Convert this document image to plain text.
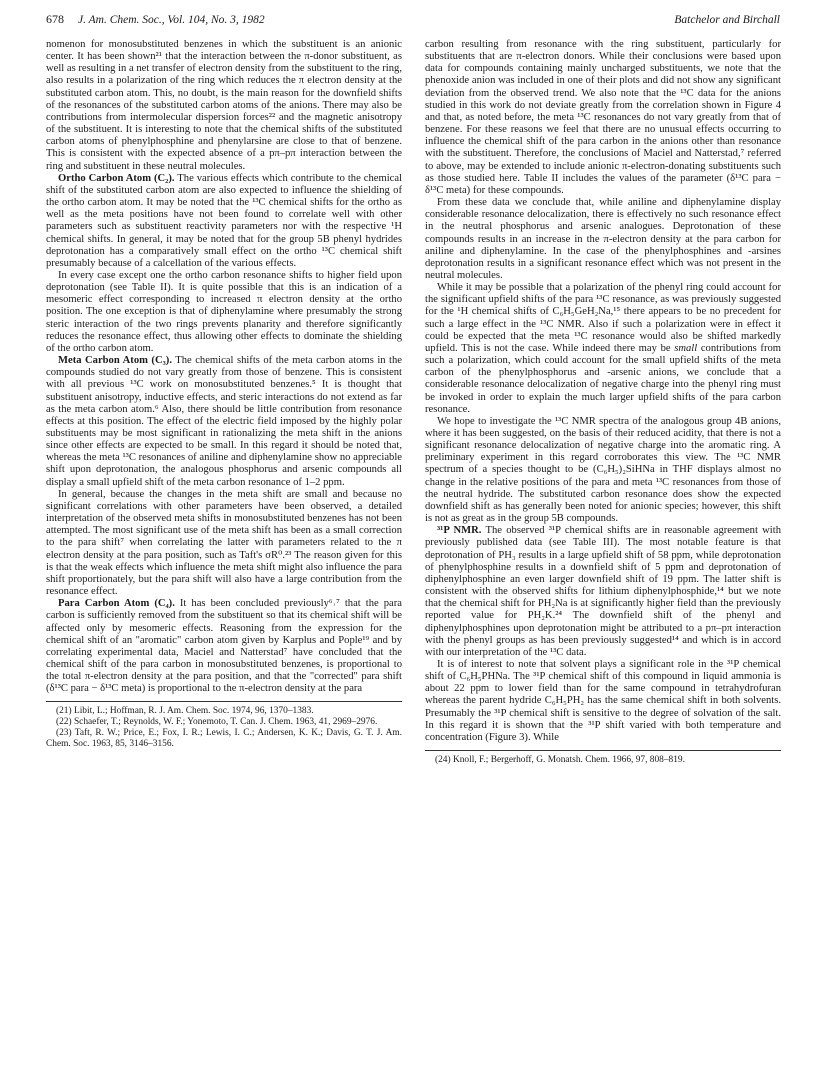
678 J. Am. Chem. Soc., Vol. 104, No. 3, 1982	Batchelor and Birchall

nomenon for monosubstituted benzenes in which the substituent is an anionic center. It has been shown²¹ that the interaction between the π-donor substituent, as well as resulting in a net transfer of electron density from the substituent to the ring, also results in a polarization of the ring which reduces the π electron density at the substituted carbon atom. This, no doubt, is the main reason for the downfield shifts of the resonances of the substituted carbon atoms of the anions. There may also be contributions from intermolecular dispersion forces²² and the magnetic anisotropy of the substituent. It is interesting to note that the chemical shifts of the substituted carbon atoms of phenylphosphine and phenylarsine are close to that of benzene. This is consistent with the expected absence of a pπ–pπ interaction between the ring and substituent in these neutral molecules.

Ortho Carbon Atom (C₂). The various effects which contribute to the chemical shift of the substituted carbon atom are also expected to influence the shielding of the ortho carbon atom. It may be noted that the ¹³C chemical shifts for the ortho as well as the meta positions have not been found to correlate well with other parameters such as substituent reactivity parameters nor with the respective ¹H chemical shifts. In general, it may be noted that for the group 5B phenyl hydrides deprotonation has a comparatively small effect on the ortho ¹³C chemical shift presumably because of a calcellation of the various effects.

In every case except one the ortho carbon resonance shifts to higher field upon deprotonation (see Table II). It is quite possible that this is an indication of a mesomeric effect corresponding to increased π electron density at the ortho position. The one exception is that of diphenylamine where presumably the strong steric interaction of the two rings prevents planarity and therefore significantly reduces the resonance effect, thus allowing other effects to dominate the shielding of the ortho carbon atom.

Meta Carbon Atom (C₃). The chemical shifts of the meta carbon atoms in the compounds studied do not vary greatly from those of benzene. This is consistent with all previous ¹³C work on monosubstituted benzenes.⁵ It is thought that substituent anisotropy, inductive effects, and steric interactions do not extend as far as the meta carbon atom.⁶ Also, there should be little contribution from resonance effects at this position. The effect of the electric field imposed by the highly polar substituents may be most significant in rationalizing the meta shift in the anions since other effects are expected to be small. In this regard it should be noted that, whereas the meta ¹³C resonances of aniline and diphenylamine show no appreciable shift upon deprotonation, the analogous phosphorus and arsenic compounds all display a small upfield shift of the meta carbon resonance of 1–2 ppm.

In general, because the changes in the meta shift are small and because no significant correlations with other parameters have been observed, a detailed interpretation of the observed meta shifts in monosubstituted benzenes has not been attempted. The most significant use of the meta shift has been as a small correction to the para shift⁷ when correlating the latter with parameters related to the π electron density at the para position, such as Taft's σR⁰.²³ The reason given for this is that the weak effects which influence the meta shift might also influence the para shift proportionately, but the para shift will also have a large contribution from the resonance effect.

Para Carbon Atom (C₄). It has been concluded previously⁶˒⁷ that the para carbon is sufficiently removed from the substituent so that its chemical shift will be affected only by mesomeric effects. Reasoning from the expression for the chemical shift of an "aromatic" carbon atom given by Karplus and Pople¹⁹ and by correlating experimental data, Maciel and Natterstad⁷ have concluded that the chemical shift of the para carbon in monosubstituted benzenes, is proportional to the total π-electron density at the para position, and that the "corrected" para shift (δ¹³C para − δ¹³C meta) is proportional to the π-electron density at the para

(21) Libit, L.; Hoffman, R. J. Am. Chem. Soc. 1974, 96, 1370–1383.

(22) Schaefer, T.; Reynolds, W. F.; Yonemoto, T. Can. J. Chem. 1963, 41, 2969–2976.

(23) Taft, R. W.; Price, E.; Fox, I. R.; Lewis, I. C.; Andersen, K. K.; Davis, G. T. J. Am. Chem. Soc. 1963, 85, 3146–3156.

carbon resulting from resonance with the ring substituent, particularly for substituents that are π-electron donors. While their conclusions were based upon data for compounds containing mainly uncharged substituents, we note that the phenoxide anion was included in one of their plots and did not show any significant deviation from the observed trend. We also note that the ¹³C data for the anions studied in this work do not deviate greatly from the correlation shown in Figure 4 and that, as noted before, the meta ¹³C resonances do not vary greatly from that of benzene. For these reasons we feel that there are no unusual effects occurring to influence the chemical shift of the para carbon in the anions other than resonance with the substituent. Therefore, the conclusions of Maciel and Natterstad,⁷ referred to above, may be extended to include anionic π-electron-donating substituents such as those studied here. Table II includes the values of the parameter (δ¹³C para − δ¹³C meta) for these compounds.

From these data we conclude that, while aniline and diphenylamine display considerable resonance delocalization, there is effectively no such resonance effect in the neutral phosphorus and arsenic analogues. Deprotonation of these compounds results in an increase in the π-electron density at the para carbon for aniline and diphenylamine. In the case of the phenylphosphines and -arsines deprotonation results in a significant resonance effect which was not present in the neutral molecules.

While it may be possible that a polarization of the phenyl ring could account for the significant upfield shifts of the para ¹³C resonance, as was previously suggested for the ¹H chemical shifts of C₆H₅GeH₂Na,¹⁵ there appears to be no precedent for such a large effect in the ¹³C NMR. Also if such a polarization were in effect it could be expected that the meta ¹³C resonance would also be shifted markedly upfield. This is not the case. While indeed there may be small contributions from such a polarization, which could account for the small upfield shifts of the meta carbon of the phenylphosphorus and -arsenic anions, we conclude that a considerable resonance delocalization of negative charge into the phenyl ring must be invoked in order to explain the much larger upfield shifts of the para carbon resonance.

We hope to investigate the ¹³C NMR spectra of the analogous group 4B anions, where it has been suggested, on the basis of their reduced acidity, that there is not a significant resonance delocalization of negative charge into the aromatic ring. A preliminary experiment in this regard corroborates this view. The ¹³C NMR spectrum of a species thought to be (C₆H₅)₂SiHNa in THF displays almost no change in the relative positions of the para and meta ¹³C resonances from those of the neutral hydride. The substituted carbon resonance does show the expected downfield shift as has generally been noted for anionic species; however, this shift is not as great as in the group 5B compounds.

³¹P NMR. The observed ³¹P chemical shifts are in reasonable agreement with previously published data (see Table III). The most notable feature is that deprotonation of PH₃ results in a large upfield shift of 58 ppm, while deprotonation of phenylphosphine results in a downfield shift of 5 ppm and deprotonation of diphenylphosphine an even larger downfield shift of 19 ppm. The latter shift is consistent with the observed shifts for lithium diphenylphosphide,¹⁴ but we note that the chemical shift for PH₂Na is at significantly higher field than the previously reported value for PH₂K.²⁴ The downfield shift of the phenyl and diphenylphosphines upon deprotonation might be attributed to a pπ–pπ interaction with the phenyl groups as has been previously suggested¹⁴ and which is in accord with our interpretation of the ¹³C data.

It is of interest to note that solvent plays a significant role in the ³¹P chemical shift of C₆H₅PHNa. The ³¹P chemical shift of this compound in liquid ammonia is about 22 ppm to lower field than for the same compound in tetrahydrofuran whereas the parent hydride C₆H₅PH₂ has the same chemical shift in both solvents. Presumably the ³¹P chemical shift is sensitive to the degree of solvation of the salt. In this regard it is shown that the ³¹P shift varied with both temperature and concentration (Figure 3). While

(24) Knoll, F.; Bergerhoff, G. Monatsh. Chem. 1966, 97, 808–819.
